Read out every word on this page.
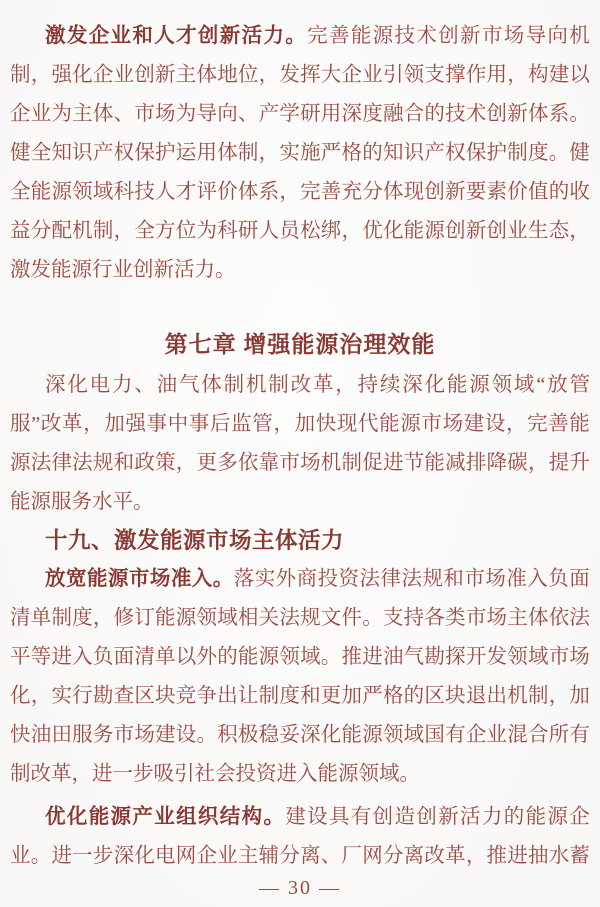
激 发 企 业 和 人 才 创 新 活 力 。 完 善 能 源 技 术 创 新 市 场 导 向 机
制 ， 强 化 企 业 创 新 主 体 地 位 ， 发 挥 大 企 业 引 领 支 撑 作 用 ， 构 建 以
企 业 为 主 体 、 市 场 为 导 向 、 产 学 研 用 深 度 融 合 的 技 术 创 新 体 系 。
健 全 知 识 产 权 保 护 运 用 体 制 ， 实 施 严 格 的 知 识 产 权 保 护 制 度 。 健
全 能 源 领 域 科 技 人 才 评 价 体 系 ， 完 善 充 分 体 现 创 新 要 素 价 值 的 收
益 分 配 机 制 ， 全 方 位 为 科 研 人 员 松 绑 ， 优 化 能 源 创 新 创 业 生 态 ，
激发能源行业创新活力。
第七章 增强能源治理效能
深 化 电 力 、 油 气 体 制 机 制 改 革 ， 持 续 深 化 能 源 领 域 “ 放 管
服 ” 改 革 ， 加 强 事 中 事 后 监 管 ， 加 快 现 代 能 源 市 场 建 设 ， 完 善 能
源 法 律 法 规 和 政 策 ， 更 多 依 靠 市 场 机 制 促 进 节 能 减 排 降 碳 ， 提 升
能源服务水平。
十九、激发能源市场主体活力
放 宽 能 源 市 场 准 入 。 落 实 外 商 投 资 法 律 法 规 和 市 场 准 入 负 面
清 单 制 度 ， 修 订 能 源 领 域 相 关 法 规 文 件 。 支 持 各 类 市 场 主 体 依 法
平 等 进 入 负 面 清 单 以 外 的 能 源 领 域 。 推 进 油 气 勘 探 开 发 领 域 市 场
化 ， 实 行 勘 查 区 块 竞 争 出 让 制 度 和 更 加 严 格 的 区 块 退 出 机 制 ， 加
快 油 田 服 务 市 场 建 设 。 积 极 稳 妥 深 化 能 源 领 域 国 有 企 业 混 合 所 有
制改革，进一步吸引社会投资进入能源领域。
优 化 能 源 产 业 组 织 结 构 。 建 设 具 有 创 造 创 新 活 力 的 能 源 企
业 。 进 一 步 深 化 电 网 企 业 主 辅 分 离 、 厂 网 分 离 改 革 ， 推 进 抽 水 蓄
— 30 —
